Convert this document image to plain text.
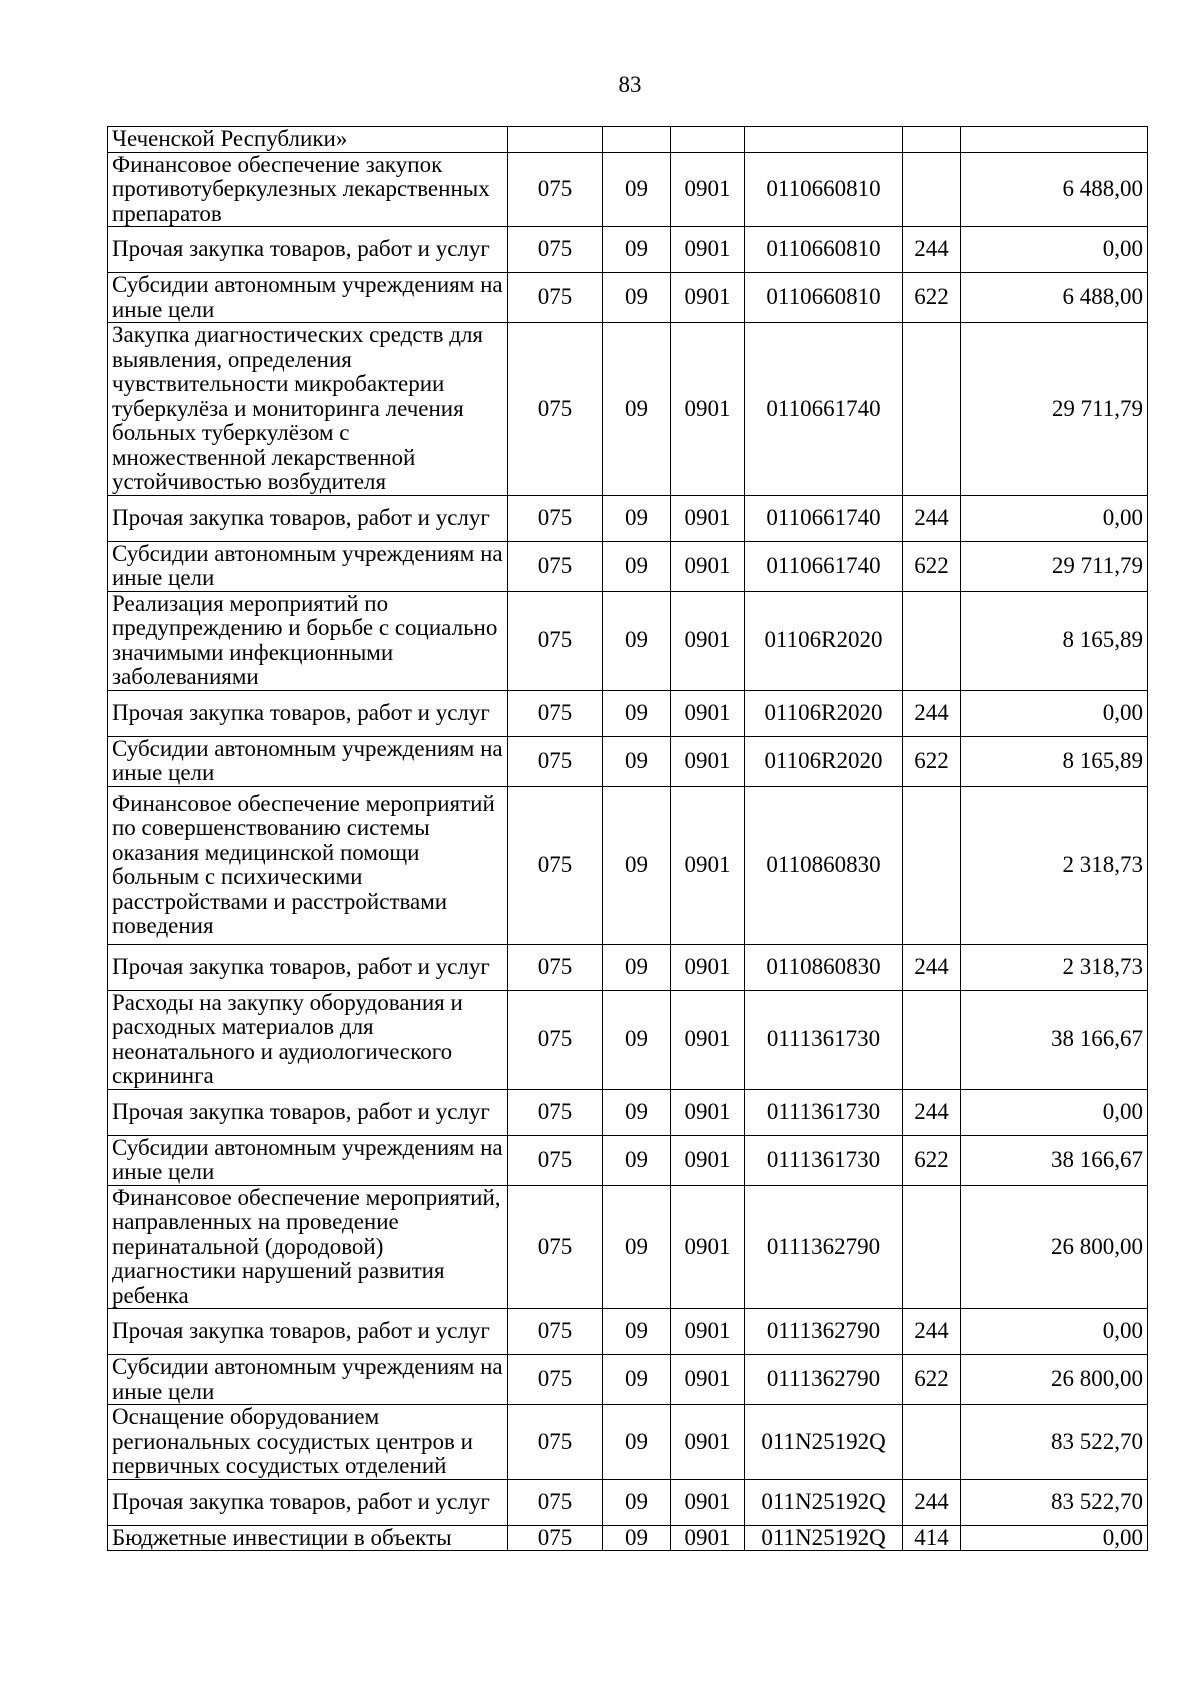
83
Чеченской Республики»						
Финансовое обеспечение закупок противотуберкулезных лекарственных препаратов	075	09	0901	0110660810		6 488,00
Прочая закупка товаров, работ и услуг	075	09	0901	0110660810	244	0,00
Субсидии автономным учреждениям на иные цели	075	09	0901	0110660810	622	6 488,00
Закупка диагностических средств для выявления, определения чувствительности микробактерии туберкулёза и мониторинга лечения больных туберкулёзом с множественной лекарственной устойчивостью возбудителя	075	09	0901	0110661740		29 711,79
Прочая закупка товаров, работ и услуг	075	09	0901	0110661740	244	0,00
Субсидии автономным учреждениям на иные цели	075	09	0901	0110661740	622	29 711,79
Реализация мероприятий по предупреждению и борьбе с социально значимыми инфекционными заболеваниями	075	09	0901	01106R2020		8 165,89
Прочая закупка товаров, работ и услуг	075	09	0901	01106R2020	244	0,00
Субсидии автономным учреждениям на иные цели	075	09	0901	01106R2020	622	8 165,89
Финансовое обеспечение мероприятий по совершенствованию системы оказания медицинской помощи больным с психическими расстройствами и расстройствами поведения	075	09	0901	0110860830		2 318,73
Прочая закупка товаров, работ и услуг	075	09	0901	0110860830	244	2 318,73
Расходы на закупку оборудования и расходных материалов для неонатального и аудиологического скрининга	075	09	0901	0111361730		38 166,67
Прочая закупка товаров, работ и услуг	075	09	0901	0111361730	244	0,00
Субсидии автономным учреждениям на иные цели	075	09	0901	0111361730	622	38 166,67
Финансовое обеспечение мероприятий, направленных на проведение перинатальной (дородовой) диагностики нарушений развития ребенка	075	09	0901	0111362790		26 800,00
Прочая закупка товаров, работ и услуг	075	09	0901	0111362790	244	0,00
Субсидии автономным учреждениям на иные цели	075	09	0901	0111362790	622	26 800,00
Оснащение оборудованием региональных сосудистых центров и первичных сосудистых отделений	075	09	0901	011N25192Q		83 522,70
Прочая закупка товаров, работ и услуг	075	09	0901	011N25192Q	244	83 522,70
Бюджетные инвестиции в объекты	075	09	0901	011N25192Q	414	0,00
